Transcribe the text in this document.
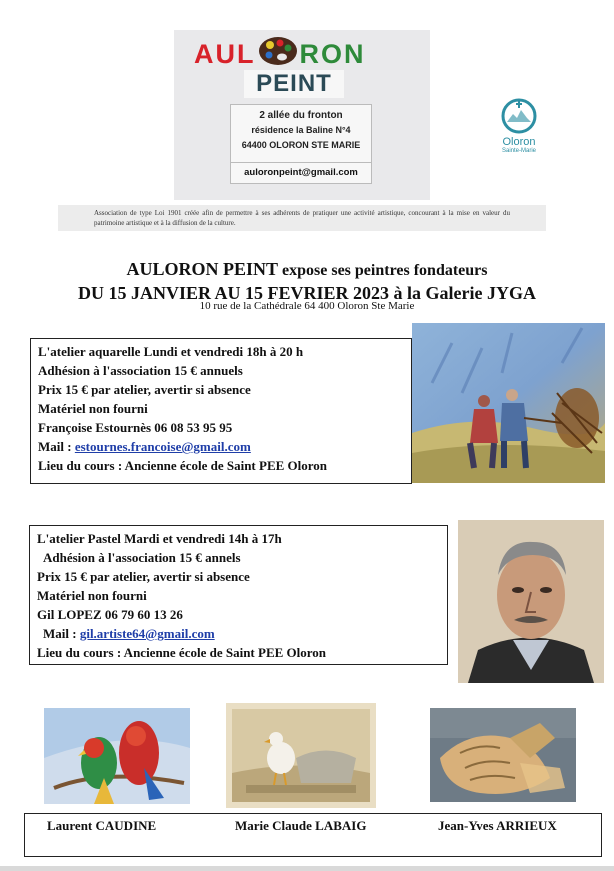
AUL RON
PEINT
2 allée du fronton
résidence la Baline N°4
64400 OLORON STE MARIE
auloronpeint@gmail.com
Oloron
Sainte-Marie
Association de type Loi 1901 créée afin de permettre à ses adhérents de pratiquer une activité artistique, concourant à la mise en valeur du patrimoine artistique et à la diffusion de la culture.
AULORON PEINT expose ses peintres fondateurs
DU 15 JANVIER AU 15 FEVRIER 2023 à la Galerie JYGA
10 rue de la Cathédrale 64 400 Oloron Ste Marie
L'atelier aquarelle Lundi et vendredi 18h à 20 h
Adhésion à l'association 15 € annuels
Prix 15 € par atelier, avertir si absence
Matériel non fourni
Françoise Estournès 06 08 53 95 95
Mail : estournes.francoise@gmail.com
Lieu du cours : Ancienne école de Saint PEE Oloron
L'atelier Pastel Mardi et vendredi 14h à 17h
Adhésion à l'association 15 € annels
Prix 15 € par atelier, avertir si absence
Matériel non fourni
Gil LOPEZ 06 79 60 13 26
Mail : gil.artiste64@gmail.com
Lieu du cours : Ancienne école de Saint PEE Oloron
Laurent CAUDINE	Marie Claude LABAIG	Jean-Yves ARRIEUX
